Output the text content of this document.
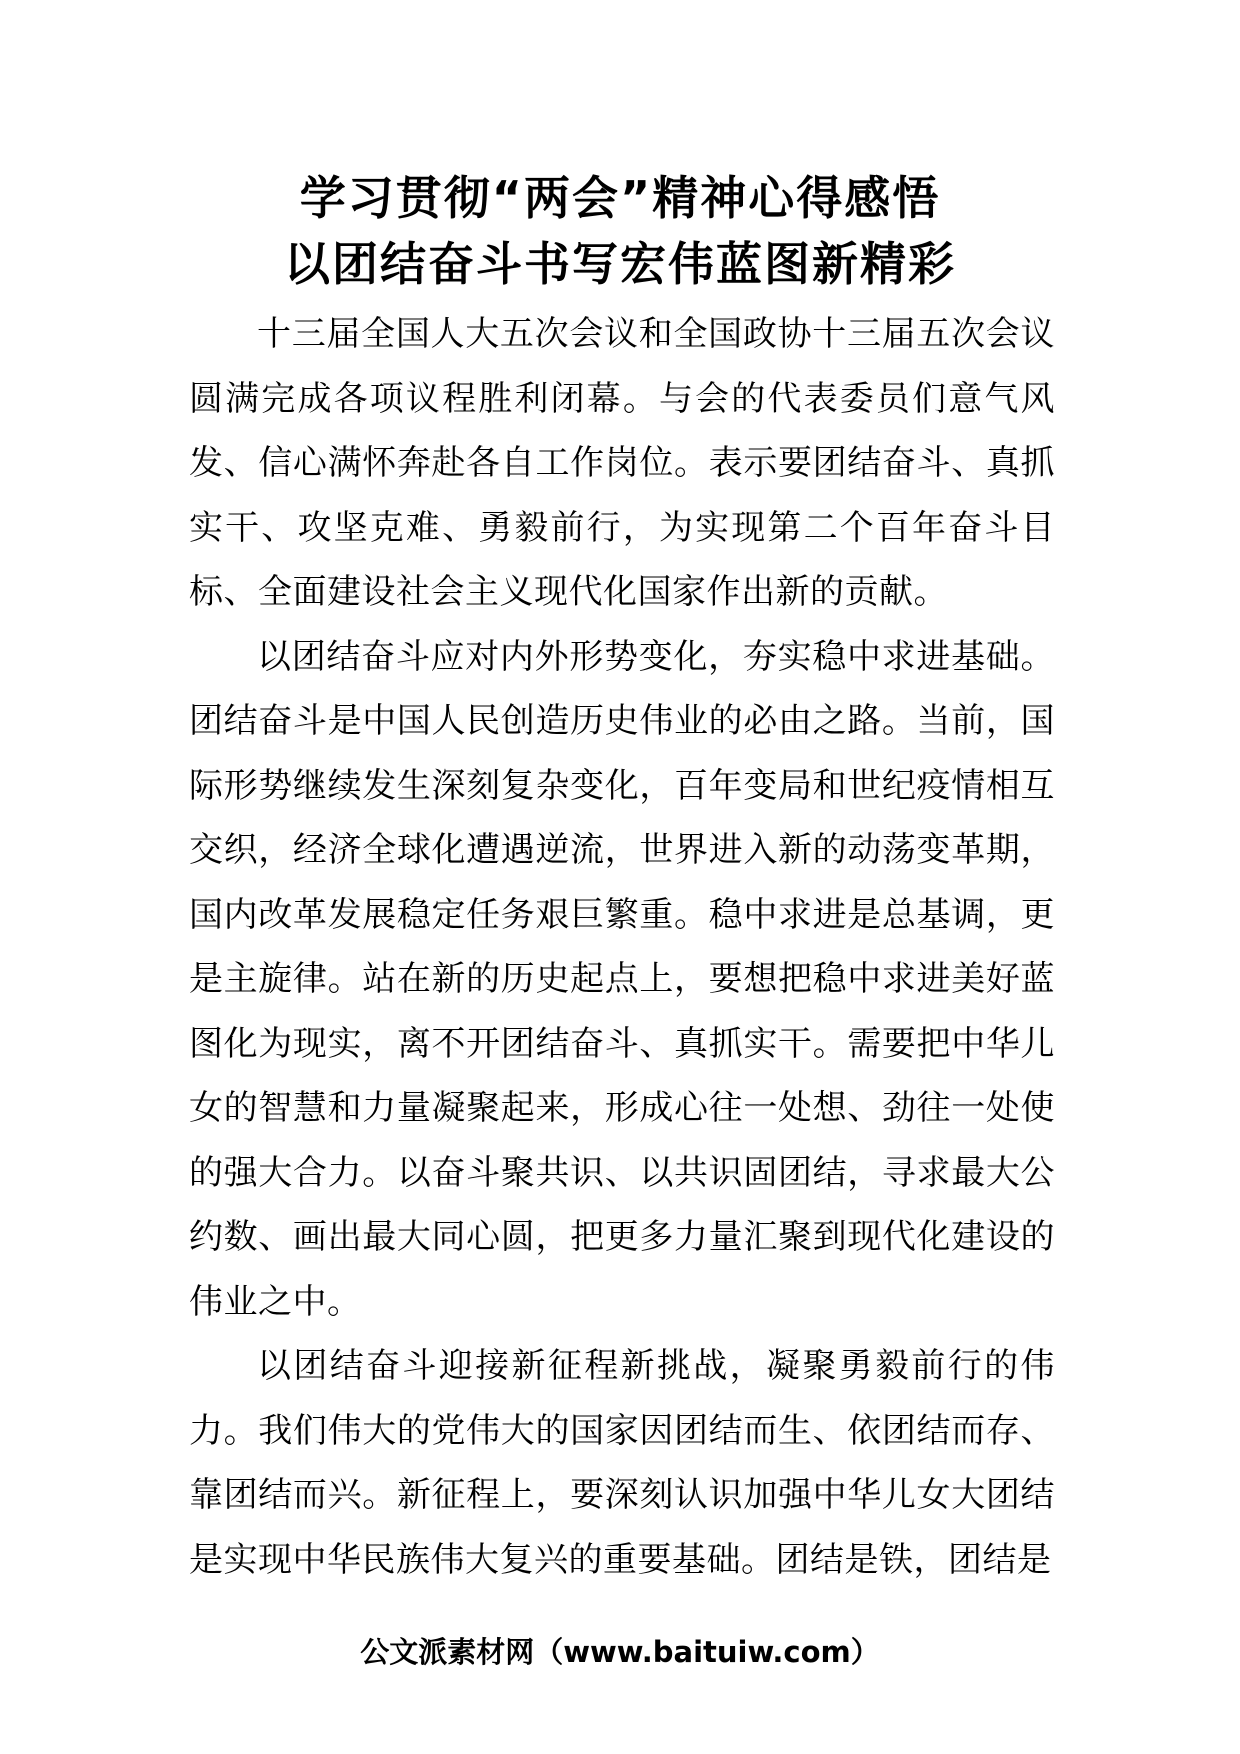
学习贯彻“两会”精神心得感悟
以团结奋斗书写宏伟蓝图新精彩

十三届全国人大五次会议和全国政协十三届五次会议圆满完成各项议程胜利闭幕。与会的代表委员们意气风发、信心满怀奔赴各自工作岗位。表示要团结奋斗、真抓实干、攻坚克难、勇毅前行，为实现第二个百年奋斗目标、全面建设社会主义现代化国家作出新的贡献。

以团结奋斗应对内外形势变化，夯实稳中求进基础。团结奋斗是中国人民创造历史伟业的必由之路。当前，国际形势继续发生深刻复杂变化，百年变局和世纪疫情相互交织，经济全球化遭遇逆流，世界进入新的动荡变革期，国内改革发展稳定任务艰巨繁重。稳中求进是总基调，更是主旋律。站在新的历史起点上，要想把稳中求进美好蓝图化为现实，离不开团结奋斗、真抓实干。需要把中华儿女的智慧和力量凝聚起来，形成心往一处想、劲往一处使的强大合力。以奋斗聚共识、以共识固团结，寻求最大公约数、画出最大同心圆，把更多力量汇聚到现代化建设的伟业之中。

以团结奋斗迎接新征程新挑战，凝聚勇毅前行的伟力。我们伟大的党伟大的国家因团结而生、依团结而存、靠团结而兴。新征程上，要深刻认识加强中华儿女大团结是实现中华民族伟大复兴的重要基础。团结是铁，团结是

公文派素材网（www.baituiw.com）
